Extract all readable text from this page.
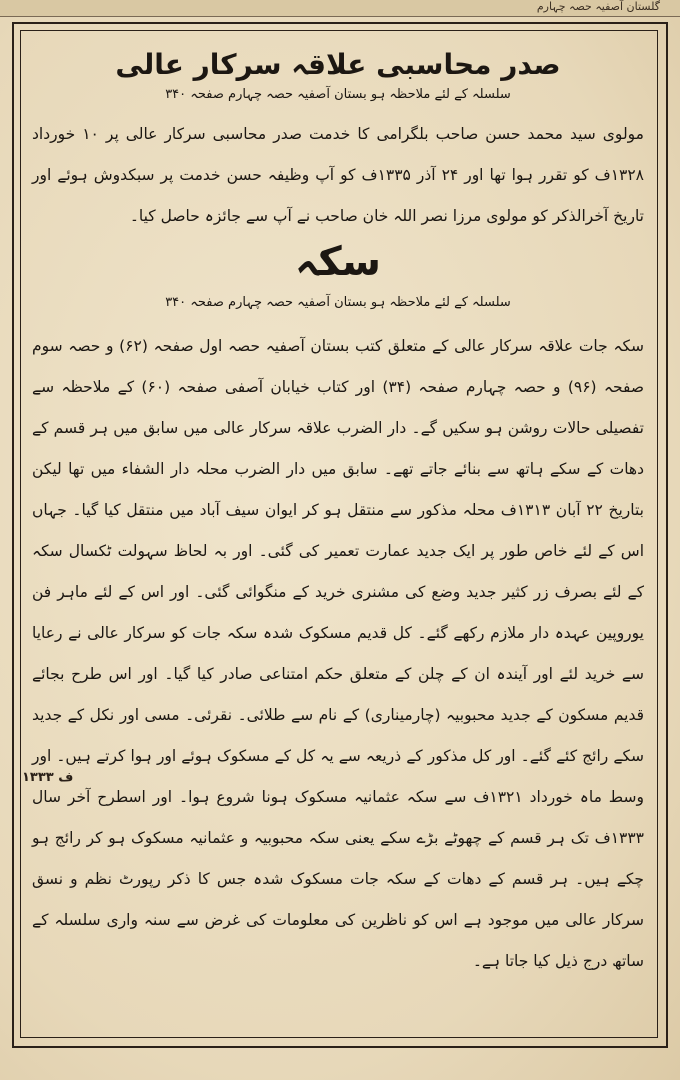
گلستان آصفیہ حصہ چہارم
صدر محاسبی علاقہ سرکار عالی
سلسلہ کے لئے ملاحظہ ہو بستان آصفیہ حصہ چہارم صفحہ ۳۴۰

مولوی سید محمد حسن صاحب بلگرامی کا خدمت صدر محاسبی سرکار عالی پر ۱۰ خورداد ۱۳۲۸ف کو تقرر ہوا تھا اور ۲۴ آذر ۱۳۳۵ف کو آپ وظیفہ حسن خدمت پر سبکدوش ہوئے اور تاریخ آخرالذکر کو مولوی مرزا نصر اللہ خان صاحب نے آپ سے جائزہ حاصل کیا۔

سکہ
سلسلہ کے لئے ملاحظہ ہو بستان آصفیہ حصہ چہارم صفحہ ۳۴۰

سکہ جات علاقہ سرکار عالی کے متعلق کتب بستان آصفیہ حصہ اول صفحہ (۶۲) و حصہ سوم صفحہ (۹۶) و حصہ چہارم صفحہ (۳۴) اور کتاب خیابان آصفی صفحہ (۶۰) کے ملاحظہ سے تفصیلی حالات روشن ہو سکیں گے۔ دار الضرب علاقہ سرکار عالی میں سابق میں ہر قسم کے دھات کے سکے ہاتھ سے بنائے جاتے تھے۔ سابق میں دار الضرب محلہ دار الشفاء میں تھا لیکن بتاریخ ۲۲ آبان ۱۳۱۳ف محلہ مذکور سے منتقل ہو کر ایوان سیف آباد میں منتقل کیا گیا۔ جہاں اس کے لئے خاص طور پر ایک جدید عمارت تعمیر کی گئی۔ اور بہ لحاظ سہولت ٹکسال سکہ کے لئے بصرف زر کثیر جدید وضع کی مشنری خرید کے منگوائی گئی۔ اور اس کے لئے ماہر فن یوروپین عہدہ دار ملازم رکھے گئے۔ کل قدیم مسکوک شدہ سکہ جات کو سرکار عالی نے رعایا سے خرید لئے اور آیندہ ان کے چلن کے متعلق حکم امتناعی صادر کیا گیا۔ اور اس طرح بجائے قدیم مسکون کے جدید محبوبیہ (چارمیناری) کے نام سے طلائی۔ نقرئی۔ مسی اور نکل کے جدید سکے رائج کئے گئے۔ اور کل مذکور کے ذریعہ سے یہ کل کے مسکوک ہوئے اور ہوا کرتے ہیں۔ اور وسط ماہ خورداد ۱۳۲۱ف سے سکہ عثمانیہ مسکوک ہونا شروع ہوا۔ اور اسطرح آخر سال ۱۳۳۳ف تک ہر قسم کے چھوٹے بڑے سکے یعنی سکہ محبوبیہ و عثمانیہ مسکوک ہو کر رائج ہو چکے ہیں۔ ہر قسم کے دھات کے سکہ جات مسکوک شدہ جس کا ذکر رپورٹ نظم و نسق سرکار عالی میں موجود ہے اس کو ناظرین کی معلومات کی غرض سے سنہ واری سلسلہ کے ساتھ درج ذیل کیا جاتا ہے۔

۱۳۳۳ ف
